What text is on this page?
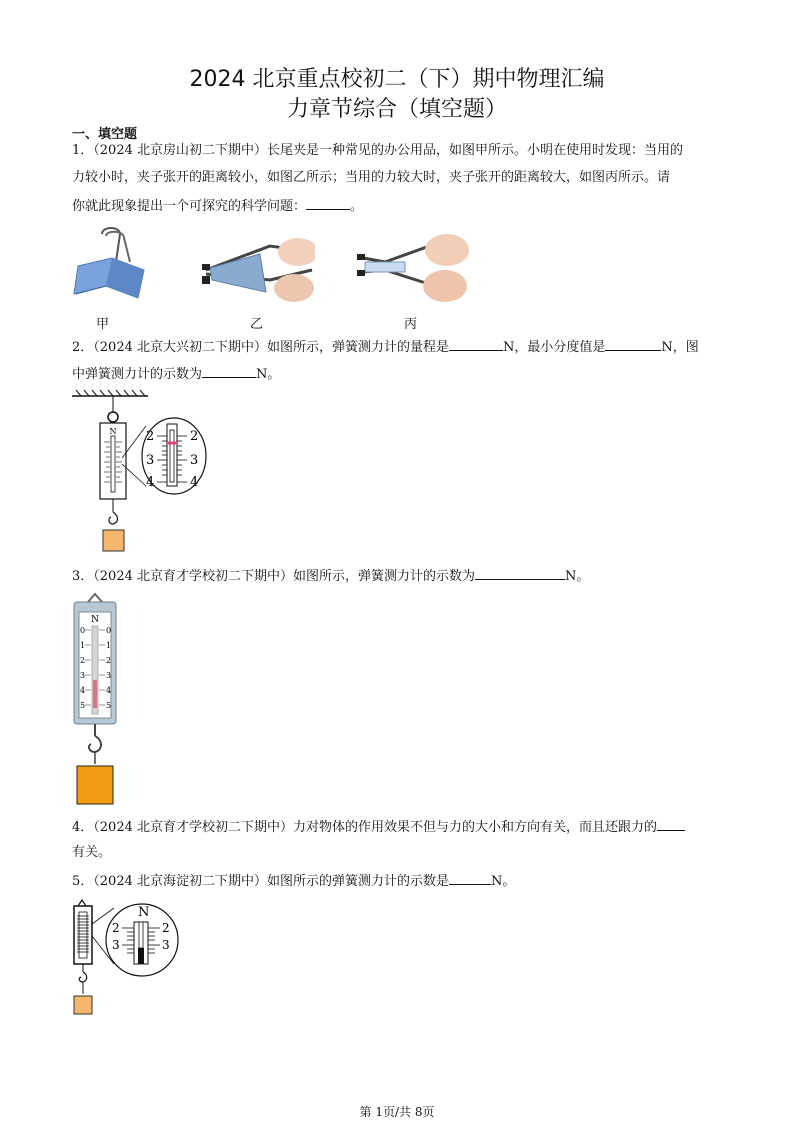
2024 北京重点校初二（下）期中物理汇编
力章节综合（填空题）
一、填空题
1．（2024 北京房山初二下期中）长尾夹是一种常见的办公用品，如图甲所示。小明在使用时发现：当用的
力较小时，夹子张开的距离较小，如图乙所示；当用的力较大时，夹子张开的距离较大，如图丙所示。请
你就此现象提出一个可探究的科学问题：	。
甲	乙	丙
2．（2024 北京大兴初二下期中）如图所示，弹簧测力计的量程是	N，最小分度值是	N，图
中弹簧测力计的示数为	N。
N 2
3
4
2
3
4
3．（2024 北京育才学校初二下期中）如图所示，弹簧测力计的示数为	N。
N
0
1
2
3
4
5
0
1
2
3
4
5
4．（2024 北京育才学校初二下期中）力对物体的作用效果不但与力的大小和方向有关，而且还跟力的
有关。
5．（2024 北京海淀初二下期中）如图所示的弹簧测力计的示数是	N。
N
2
3
2
3
第 1页/共 8页
